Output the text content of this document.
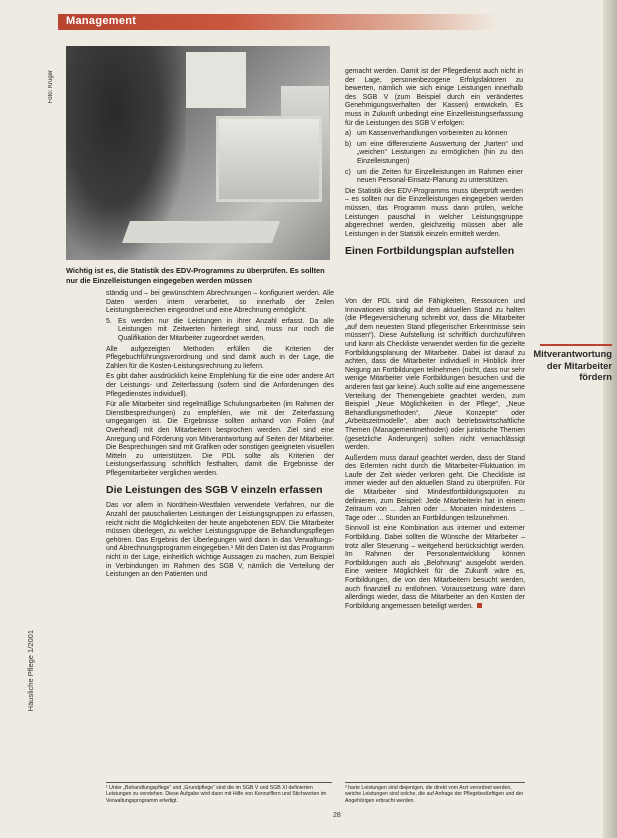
Management
Foto: Krüger
Wichtig ist es, die Statistik des EDV-Programms zu überprüfen. Es sollten nur die Einzelleistungen eingegeben werden müssen

ständig und – bei gewünschtem Abrechnungen – konfiguriert werden. Alle Daten werden intern verarbeitet, so innerhalb der Zeilen Leistungsbereichen eingeordnet und eine Abrechnung ermöglicht.

5. Es werden nur die Leistungen in ihrer Anzahl erfasst. Da alle Leistungen mit Zeitwerten hinterlegt sind, muss nur noch die Qualifikation der Mitarbeiter zugeordnet werden.

Alle aufgezeigten Methoden erfüllen die Kriterien der Pflegebuchführungsverordnung und sind damit auch in der Lage, die Zahlen für die Kosten-Leistungsrechnung zu liefern.

Es gibt daher ausdrücklich keine Empfehlung für die eine oder andere Art der Leistungs- und Zeiterfassung (sofern sind die Anforderungen des Pflegedienstes individuell).

Für alle Mitarbeiter sind regelmäßige Schulungsarbeiten (im Rahmen der Dienstbesprechungen) zu empfehlen, wie mit der Zeiterfassung umgegangen ist. Die Ergebnisse sollten anhand von Folien (auf Overhead) mit den Mitarbeitern besprochen werden. Ziel sind eine Anregung und Förderung von Mitverantwortung auf Seiten der Mitarbeiter. Die Besprechungen sind mit Grafiken oder sonstigen geeigneten visuellen Mitteln zu unterstützen. Die PDL sollte als Kriterien der Leistungserfassung schriftlich festhalten, damit die Ergebnisse der Pflegemitarbeiter verglichen werden.

Die Leistungen des SGB V einzeln erfassen

Das vor allem in Nordrhein-Westfalen verwendete Verfahren, nur die Anzahl der pauschalierten Leistungen der Leistungsgruppen zu erfassen, reicht nicht die Möglichkeiten der heute angebotenen EDV. Die Mitarbeiter müssen überlegen, zu welcher Leistungsgruppe die Behandlungspflegen gehören. Das Ergebnis der Überlegungen wird dann in das Verwaltungs- und Abrechnungsprogramm eingegeben.¹ Mit den Daten ist das Programm nicht in der Lage, einheitlich wichtige Aussagen zu machen, zum Beispiel in Verbindungen im Rahmen des SGB V, nämlich die Verteilung der Leistungen an den Patienten und

gemacht werden. Damit ist der Pflegedienst auch nicht in der Lage, personenbezogene Erfolgsfaktoren zu bewerten, nämlich wie sich einige Leistungen innerhalb des SGB V (zum Beispiel durch ein verändertes Genehmigungsverhalten der Kassen) entwickeln. Es muss in Zukunft unbedingt eine Einzelleistungserfassung für die Leistungen des SGB V erfolgen:

a) um Kassenverhandlungen vorbereiten zu können
b) um eine differenzierte Auswertung der „harten“ und „weichen“ Leistungen zu ermöglichen (hin zu den Einzelleistungen)
c) um die Zeiten für Einzelleistungen im Rahmen einer neuen Personal-Einsatz-Planung zu unterstützen.

Die Statistik des EDV-Programms muss überprüft werden – es sollten nur die Einzelleistungen eingegeben werden müssen, das Programm muss dann prüfen, welche Leistungen pauschal in welcher Leistungsgruppe abgerechnet werden, gleichzeitig müssen aber alle Leistungen in der Statistik einzeln ermittelt werden.

Einen Fortbildungsplan aufstellen

Von der PDL sind die Fähigkeiten, Ressourcen und Innovationen ständig auf dem aktuellen Stand zu halten (die Pflegeversicherung schreibt vor, dass die Mitarbeiter „auf dem neuesten Stand pflegerischer Erkenntnisse sein müssen“). Diese Aufstellung ist schriftlich durchzuführen und kann als Checkliste verwendet werden für die gezielte Fortbildungsplanung der Mitarbeiter. Dabei ist darauf zu achten, dass die Mitarbeiter individuell in Hinblick ihrer Neigung an Fortbildungen teilnehmen (nicht, dass nur sehr wenige Mitarbeiter viele Fortbildungen besuchen und die anderen fast gar keine). Auch sollte auf eine angemessene Verteilung der Themengebiete geachtet werden, zum Beispiel „Neue Möglichkeiten in der Pflege“, „Neue Behandlungsmethoden“, „Neue Konzepte“ oder „Arbeitszeitmodelle“, aber auch betriebswirtschaftliche Themen (Managementmethoden) oder juristische Themen (gesetzliche Änderungen) sollten nicht vernachlässigt werden.

Außerdem muss darauf geachtet werden, dass der Stand des Erlernten nicht durch die Mitarbeiter-Fluktuation im Laufe der Zeit wieder verloren geht. Die Checkliste ist immer wieder auf den aktuellen Stand zu überprüfen. Für die Mitarbeiter sind Mindestfortbildungsquoten zu definieren, zum Beispiel: Jede Mitarbeiterin hat in einem Zeitraum von ... Jahren oder ... Monaten mindestens ... Tage oder ... Stunden an Fortbildungen teilzunehmen.

Sinnvoll ist eine Kombination aus interner und externer Fortbildung. Dabei sollten die Wünsche der Mitarbeiter – trotz aller Steuerung – weitgehend berücksichtigt werden. Im Rahmen der Personalentwicklung können Fortbildungen auch als „Belohnung“ ausgelobt werden. Eine weitere Möglichkeit für die Zukunft wäre es, Fortbildungen, die von den Mitarbeitern besucht werden, auch finanziell zu entlohnen. Voraussetzung wäre dann allerdings wieder, dass die Mitarbeiter an den Kosten der Fortbildung angemessen beteiligt werden.

Mitverantwortung der Mitarbeiter fördern
¹ Unter „Behandlungspflege“ und „Grundpflege“ sind die im SGB V und SGB XI definierten Leistungen zu verstehen. Diese Aufgabe wird dann mit Hilfe von Kennziffern und Stichworten im Verwaltungsprogramm erledigt.
² harte Leistungen sind diejenigen, die direkt vom Arzt verordnet werden, weiche Leistungen sind solche, die auf Anfrage der Pflegebedürftigen und der Angehörigen erbracht werden.
Häusliche Pflege 1/2001
28
